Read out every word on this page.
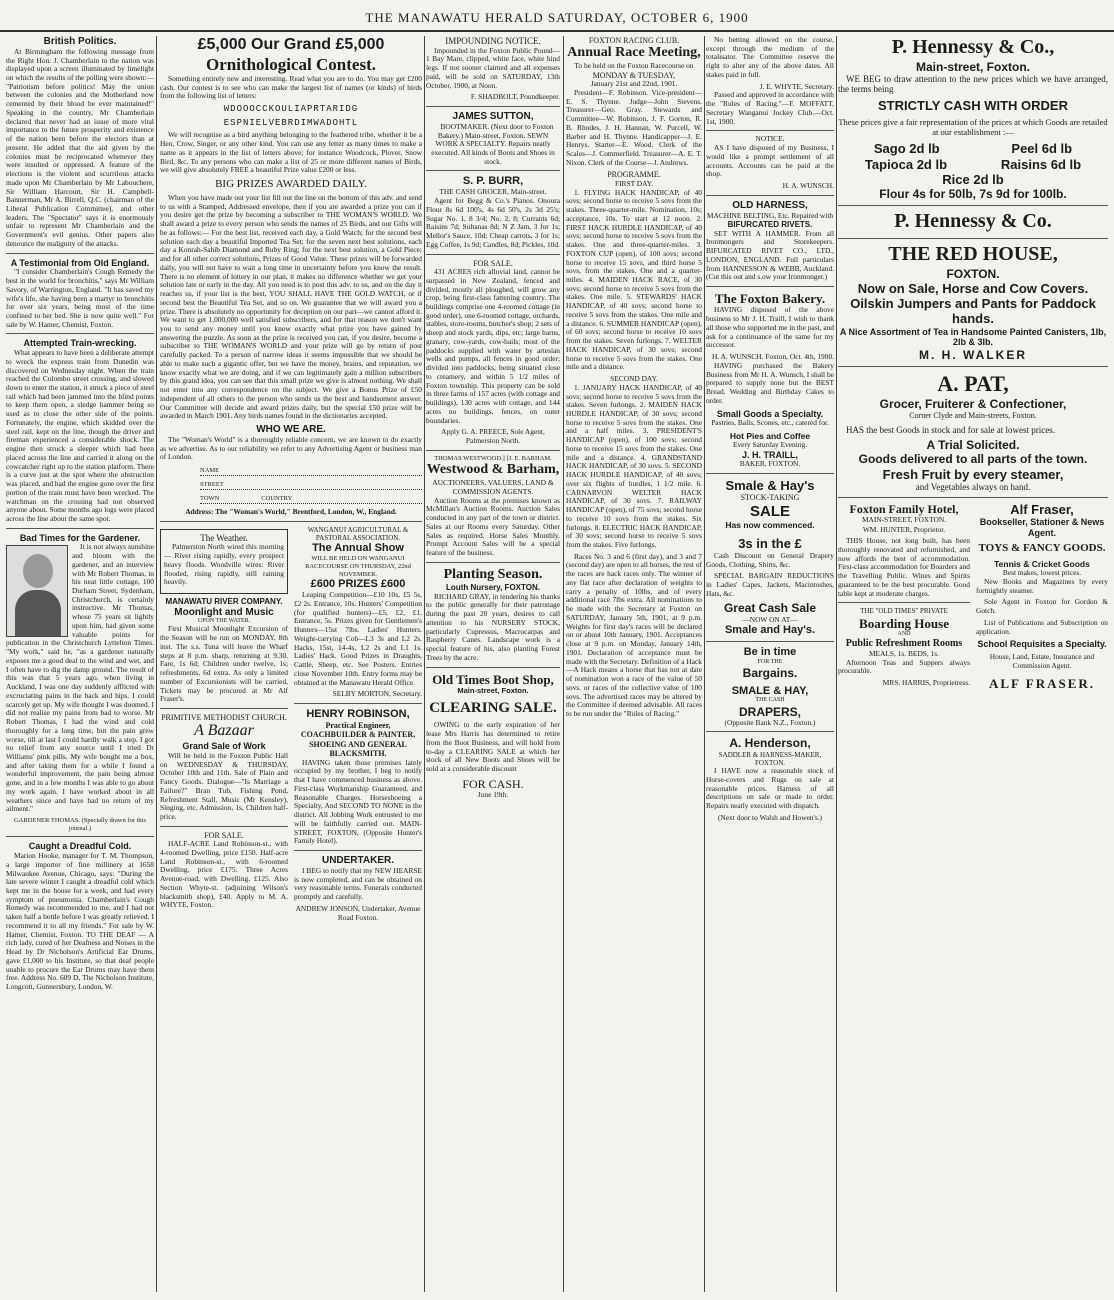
THE MANAWATU HERALD SATURDAY, OCTOBER 6, 1900
British Politics.

At Birmingham the following message from the Right Hon. J. Chamberlain to the nation was displayed upon a screen illuminated by limelight on which the results of the polling were shown:— "Patriotism before politics! May the union between the colonies and the Motherland now cemented by their blood be ever maintained!" Speaking in the country, Mr Chamberlain declared that never had an issue of more vital importance to the future prosperity and existence of the nation been before the electors than at present. He added that the aid given by the colonies must be reciprocated whenever they were insulted or oppressed. A feature of the elections is the violent and scurrilous attacks made upon Mr Chamberlain by Mr Labouchere, Sir William Harcourt, Sir H. Campbell-Bannerman, Mr A. Birrell, Q.C. (chairman of the Liberal Publication Committee), and other leaders. The "Spectator" says it is enormously unfair to represent Mr Chamberlain and the Government's evil genius. Other papers also denounce the malignity of the attacks.

A Testimonial from Old England.

"I consider Chamberlain's Cough Remedy the best in the world for bronchitis," says Mr William Savory, of Warrington, England. "It has saved my wife's life, she having been a martyr to bronchitis for over six years, being most of the time confined to her bed. She is now quite well." For sale by W. Hamer, Chemist, Foxton.

Attempted Train-wrecking.

What appears to have been a deliberate attempt to wreck the express train from Dunedin was discovered on Wednesday night. When the train reached the Colombo street crossing, and slowed down to enter the station, it struck a piece of steel rail which had been jammed into the blind points to keep them open, a sledge hammer being so used as to close the other side of the points. Fortunately, the engine, which skidded over the steel rail, kept on the line, though the driver and fireman experienced a considerable shock. The engine then struck a sleeper which had been placed across the line and carried it along on the cowcatcher right up to the station platform. There is a curve just at the spot where the obstruction was placed, and had the engine gone over the first portion of the train must have been wrecked. The watchman on the crossing had not observed anyone about. Some months ago logs were placed across the line about the same spot.

Bad Times for the Gardener.

It is not always sunshine and bloom with the gardener, and an interview with Mr Robert Thomas, in his neat little cottage, 100 Durham Street, Sydenham, Christchurch, is certainly instructive. Mr Thomas, whose 75 years sit lightly upon him, had given some valuable points for publication in the Christchurch Lyttelton Times. "My work," said he, "as a gardener naturally exposes me a good deal to the wind and wet, and I often have to dig the damp ground. The result of this was that 5 years ago, when living in Auckland, I was one day suddenly afflicted with excruciating pains in the back and hips. I could scarcely get up. My wife thought I was doomed. I did not realise my pains from bad to worse. Mr Robert Thomas, I had the wind and cold thoroughly for a long time, but the pain grew worse, till at last I could hardly walk a step. I got no relief from any source until I tried Dr Williams' pink pills. My wife bought me a box, and after taking them for a while I found a wonderful improvement, the pain being almost gone, and in a few months I was able to go about my work again. I have worked about in all weathers since and have had no return of my ailment."

GARDENER THOMAS. (Specially drawn for this journal.)
Caught a Dreadful Cold.

Marion Hooke, manager for T. M. Thompson, a large importer of fine millinery at 1658 Milwaukee Avenue, Chicago, says: "During the late severe winter I caught a dreadful cold which kept me in the house for a week, and had every symptom of pneumonia. Chamberlain's Cough Remedy was recommended to me, and I had not taken half a bottle before I was greatly relieved. I recommend it to all my friends." For sale by W. Hamer, Chemist, Foxton. TO THE DEAF — A rich lady, cured of her Deafness and Noises in the Head by Dr Nicholson's Artificial Ear Drums, gave £1,000 to his Institute, so that deaf people unable to procure the Ear Drums may have them free. Address No. 609 D, The Nicholson Institute, Longcott, Gunnersbury, London, W.

£5,000 Our Grand £5,000
Ornithological Contest.

Something entirely new and interesting. Read what you are to do. You may get £200 cash. Our contest is to see who can make the largest list of names (or kinds) of birds from the following list of letters:

WDOOOCCKOULIAPRTARIDG
ESPNIELVEBRDIMWADOHTL

We will recognise as a bird anything belonging to the feathered tribe, whether it be a Hen, Crow, Singer, or any other kind. You can use any letter as many times to make a name as it appears in the list of letters above; for instance Woodcock, Plover, Snow Bird, &c. To any persons who can make a list of 25 or more different names of Birds, we will give absolutely FREE a beautiful Prize value £200 or less.

BIG PRIZES AWARDED DAILY.

When you have made out your list fill out the line on the bottom of this adv. and send to us with a Stamped, Addressed envelope, then if you are awarded a prize you can if you desire get the prize by becoming a subscriber to THE WOMAN'S WORLD. We shall award a prize to every person who sends the names of 25 Birds, and our Gifts will be as follows:— For the best list, received each day, a Gold Watch; for the second best solution each day a beautiful Imported Tea Set; for the seven next best solutions, each day a Konrah-Sahib Diamond and Ruby Ring; for the next best solution, a Gold Piece; and for all other correct solutions, Prizes of Good Value. These prizes will be forwarded daily, you will not have to wait a long time in uncertainty before you know the result. There is no element of lottery in our plan, it makes no difference whether we get your solution late or early in the day. All you need is to post this adv. to us, and on the day it reaches us, if your list is the best, YOU SHALL HAVE THE GOLD WATCH, or if second best the Beautiful Tea Set, and so on. We guarantee that we will award you a prize. There is absolutely no opportunity for deception on our part—we cannot afford it. We want to get 1,000,000 well satisfied subscribers, and for that reason we don't want you to send any money until you know exactly what prize you have gained by answering the puzzle. As soon as the prize is received you can, if you desire, become a subscriber to THE WOMAN'S WORLD and your prize will go by return of post carefully packed. To a person of narrow ideas it seems impossible that we should be able to make such a gigantic offer, but we have the money, brains, and reputation, we know exactly what we are doing, and if we can legitimately gain a million subscribers by this grand idea, you can see that this small prize we give is almost nothing. We shall not enter into any correspondence on the subject. We give a Bonus Prize of £50 independent of all others to the person who sends us the best and handsomest answer. Our Committee will decide and award prizes daily, but the special £50 prize will be awarded in March 1901. Any birds names found in the dictionaries accepted.

WHO WE ARE.

The "Woman's World" is a thoroughly reliable concern, we are known to do exactly as we advertise. As to our reliability we refer to any Advertising Agent or business man of London.

NAME
STREET
TOWN	COUNTRY
Address: The "Woman's World," Brentford, London, W., England.
The Weather.

Palmerston North wired this morning — River rising rapidly, every prospect heavy floods. Woodville wires: River flooded, rising rapidly, still raining heavily.

MANAWATU RIVER COMPANY.
Moonlight and Music
UPON THE WATER.

First Musical Moonlight Excursion of the Season will be run on MONDAY, 8th inst. The s.s. Tuna will leave the Wharf steps at 8 p.m. sharp, returning at 9.30. Fare, 1s 6d; Children under twelve, 1s; refreshments, 6d extra. As only a limited number of Excursionists will be carried, Tickets may be procured at Mr Alf Fraser's.

PRIMITIVE METHODIST CHURCH.
A Bazaar
Grand Sale of Work

Will be held in the Foxton Public Hall on WEDNESDAY & THURSDAY, October 10th and 11th. Sale of Plain and Fancy Goods. Dialogue—"Is Marriage a Failure?" Bran Tub, Fishing Pond, Refreshment Stall, Music (Mr Kensley), Singing, etc. Admission, 1s, Children half-price.

FOR SALE.

HALF-ACRE Land Robinson-st., with 4-roomed Dwelling, price £150. Half-acre Land Robinson-st., with 6-roomed Dwelling, price £175. Three Acres Avenue-road, with Dwelling, £125. Also Section Whyte-st. (adjoining Wilson's blacksmith shop), £40. Apply to M. A. WHYTE, Foxton.

WANGANUI AGRICULTURAL & PASTORAL ASSOCIATION.
The Annual Show
WILL BE HELD ON WANGANUI RACECOURSE ON THURSDAY, 22nd NOVEMBER.
£600 PRIZES £600

Leaping Competition—£10 10s, £5 5s, £2 2s. Entrance, 10s. Hunters' Competition (for qualified hunters)—£5, £2, £1. Entrance, 5s. Prizes given for Gentlemen's Hunters—15st 7lbs. Ladies' Hunters. Weight-carrying Cob—L3 3s and L2 2s. Hacks, 15st, 14-4s, L2 2s and L1 1s. Ladies' Hack. Good Prizes in Draughts, Cattle, Sheep, etc. See Posters. Entries close November 10th. Entry forms may be obtained at the Manawatu Herald Office.

SELBY MORTON, Secretary.
HENRY ROBINSON,
Practical Engineer, COACHBUILDER & PAINTER, SHOEING AND GENERAL BLACKSMITH.

HAVING taken those premises lately occupied by my brother, I beg to notify that I have commenced business as above. First-class Workmanship Guaranteed, and Reasonable Charges. Horseshoeing a Specialty, And SECOND TO NONE in the district. All Jobbing Work entrusted to me will be faithfully carried out. MAIN-STREET, FOXTON, (Opposite Hunter's Family Hotel).

UNDERTAKER.

I BEG to notify that my NEW HEARSE is now completed, and can be obtained on very reasonable terms. Funerals conducted promptly and carefully.

ANDREW JONSON, Undertaker, Avenue Road Foxton.
IMPOUNDING NOTICE.

Impounded in the Foxton Public Pound— 1 Bay Mare, clipped, white face, white hind legs. If not sooner claimed and all expenses paid, will be sold on SATURDAY, 13th October, 1900, at Noon.

F. SHADBOLT, Poundkeeper.
JAMES SUTTON,

BOOTMAKER. (Next door to Foxton Bakery.) Main-street, Foxton. SEWN WORK A SPECIALTY. Repairs neatly executed. All kinds of Boots and Shoes in stock.

S. P. BURR,
THE CASH GROCER, Main-street.

Agent for Begg & Co.'s Pianos. Onoura Flour 8s 6d 100's, 4s 6d 50's, 2s 3d 25's; Sugar No. 1, 8 3/4; No. 2, 8; Currants 6d; Raisins 7d; Sultanas 8d; N Z Jam, 3 for 1s; Mellor's Sauce, 10d; Cheap carrots, 3 for 1s; Egg Coffee, 1s 9d; Candles, 8d; Pickles, 10d.

FOR SALE.

431 ACRES rich alluvial land, cannot be surpassed in New Zealand, fenced and divided, mostly all ploughed, will grow any crop, being first-class fattening country. The buildings comprise one 4-roomed cottage (in good order), one 6-roomed cottage, orchards, stables, store-rooms, butcher's shop; 2 sets of sheep and stock yards, dips, etc; large barns, granary, cow-yards, cow-bails; most of the paddocks supplied with water by artesian wells and pumps, all fences in good order; divided into paddocks, being situated close to creamery, and within 5 1/2 miles of Foxton township. This property can be sold in three farms of 157 acres (with cottage and buildings), 130 acres with cottage, and 144 acres no buildings, fences, on outer boundaries.

Apply G. A. PREECE, Sole Agent, Palmerston North.
THOMAS WESTWOOD.] [J. E. BARHAM.
Westwood & Barham,
AUCTIONEERS, VALUERS, LAND & COMMISSION AGENTS.

Auction Rooms at the premises known as McMillan's Auction Rooms. Auction Sales conducted in any part of the town or district. Sales at our Rooms every Saturday. Other Sales as required. Horse Sales Monthly. Prompt Account Sales will be a special feature of the business.

Planting Season.
Louth Nursery, FOXTON.

RICHARD GRAY, in tendering his thanks to the public generally for their patronage during the past 20 years, desires to call attention to his NURSERY STOCK, particularly Cupressus, Macrocarpas and Raspberry Canes. Landscape work is a special feature of his, also planting Forest Trees by the acre.

Old Times Boot Shop,
Main-street, Foxton.
CLEARING SALE.

OWING to the early expiration of her lease Mrs Harris has determined to retire from the Boot Business, and will hold from to-day a CLEARING SALE at which her stock of all New Boots and Shoes will be sold at a considerable discount

FOR CASH.
June 19th.
FOXTON RACING CLUB.
Annual Race Meeting,
To be held on the Foxton Racecourse on
MONDAY & TUESDAY,
January 21st and 22nd, 1901.

President—F. Robinson. Vice-president—E. S. Thynne. Judge—John Stevens. Treasurer—Geo. Gray. Stewards and Committee—W. Robinson, J. F. Gorton, R. B. Rhodes, J. H. Hannan, W. Purcell, W. Barber and H. Thynne. Handicapper—J. E. Henrys. Starter—E. Wood. Clerk of the Scales—J. Commerfield. Treasurer—A. E. T. Nixon. Clerk of the Course—J. Andrews.

PROGRAMME.
FIRST DAY.

1. FLYING HACK HANDICAP, of 40 sovs; second horse to receive 5 sovs from the stakes. Three-quarter-mile. Nomination, 10s; acceptance, 10s. To start at 12 noon. 2. FIRST HACK HURDLE HANDICAP, of 40 sovs; second horse to receive 5 sovs from the stakes. One and three-quarter-miles. 3. FOXTON CUP (open), of 100 sovs; second horse to receive 15 sovs, and third horse 5 sovs, from the stakes. One and a quarter-miles. 4. MAIDEN HACK RACE, of 30 sovs; second horse to receive 5 sovs from the stakes. One mile. 5. STEWARDS' HACK HANDICAP, of 40 sovs; second horse to receive 5 sovs from the stakes. One mile and a distance. 6. SUMMER HANDICAP (open), of 60 sovs; second horse to receive 10 sovs from the stakes. Seven furlongs. 7. WELTER HACK HANDICAP, of 30 sovs; second horse to receive 5 sovs from the stakes. One mile and a distance.

SECOND DAY.

1. JANUARY HACK HANDICAP, of 40 sovs; second horse to receive 5 sovs from the stakes. Seven furlongs. 2. MAIDEN HACK HURDLE HANDICAP, of 30 sovs; second horse to receive 5 sovs from the stakes. One and a half miles. 3. PRESIDENT'S HANDICAP (open), of 100 sovs; second horse to receive 15 sovs from the stakes. One mile and a distance. 4. GRANDSTAND HACK HANDICAP, of 30 sovs. 5. SECOND HACK HURDLE HANDICAP, of 40 sovs; over six flights of hurdles, 1 1/2 mile. 6. CARNARVON WELTER HACK HANDICAP, of 30 sovs. 7. RAILWAY HANDICAP (open), of 75 sovs; second horse to receive 10 sovs from the stakes. Six furlongs. 8. ELECTRIC HACK HANDICAP, of 30 sovs; second horse to receive 5 sovs from the stakes. Five furlongs.

Races No. 3 and 6 (first day), and 3 and 7 (second day) are open to all horses, the rest of the races are hack races only. The winner of any flat race after declaration of weights to carry a penalty of 10lbs, and of every additional race 7lbs extra. All nominations to be made with the Secretary at Foxton on SATURDAY, January 5th, 1901, at 9 p.m. Weights for first day's races will be declared on or about 10th January, 1901. Acceptances close at 9 p.m. on Monday, January 14th, 1901. Declaration of acceptance must be made with the Secretary. Definition of a Hack—A Hack means a horse that has not at date of nomination won a race of the value of 50 sovs. or races of the collective value of 100 sovs. The advertised races may be altered by the Committee if deemed advisable. All races to be run under the "Rules of Racing."

No betting allowed on the course, except through the medium of the totalisator. The Committee reserve the right to alter any of the above dates. All stakes paid in full.

J. E. WHYTE, Secretary.

Passed and approved in accordance with the "Rules of Racing."—F. MOFFATT, Secretary Wanganui Jockey Club.—Oct. 1st, 1900.

NOTICE.

AS I have disposed of my Business, I would like a prompt settlement of all accounts. Accounts can be paid at the shop.

H. A. WUNSCH.
OLD HARNESS,
MACHINE BELTING, Etc. Repaired with
BIFURCATED RIVETS.

SET WITH A HAMMER. From all Ironmongers and Storekeepers. BIFURCATED RIVET CO., LTD., LONDON, ENGLAND. Full particulars from HANNESSON & WEBB, Auckland. (Cut this out and s.ow your Ironmonger.)

The Foxton Bakery.

HAVING disposed of the above business to Mr J. H. Traill, I wish to thank all those who supported me in the past, and ask for a continuance of the same for my successor.

H. A. WUNSCH. Foxton, Oct. 4th, 1900.

HAVING purchased the Bakery Business from Mr H. A. Wunsch, I shall be prepared to supply none but the BEST Bread. Wedding and Birthday Cakes to order.

Small Goods a Specialty.
Pastries, Balls, Scones, etc., catered for.
Hot Pies and Coffee
Every Saturday Evening.
J. H. TRAILL,
BAKER, FOXTON.
Smale & Hay's
STOCK-TAKING
SALE
Has now commenced.
3s in the £

Cash Discount on General Drapery Goods, Clothing, Shirts, &c.

SPECIAL BARGAIN REDUCTIONS in Ladies' Capes, Jackets, Macintoshes, Hats, &c.

Great Cash Sale
—NOW ON AT—
Smale and Hay's.
Be in time
FOR THE
Bargains.
SMALE & HAY,
THE CASH
DRAPERS,
(Opposite Bank N.Z., Foxton.)
A. Henderson,
SADDLER & HARNESS-MAKER, FOXTON.

I HAVE now a reasonable stock of Horse-covers and Rugs on sale at reasonable prices. Harness of all descriptions on sale or made to order. Repairs neatly executed with dispatch.

(Next door to Walsh and Howen's.)
P. Hennessy & Co.,
Main-street, Foxton.

WE BEG to draw attention to the new prices which we have arranged, the terms being

STRICTLY CASH WITH ORDER
These prices give a fair representation of the prices at which Goods are retailed at our establishment :—
Sago 2d lb	Peel 6d lb
Tapioca 2d lb	Raisins 6d lb
Rice 2d lb
Flour 4s for 50lb, 7s 9d for 100lb.
P. Hennessy & Co.
THE RED HOUSE,
FOXTON.
Now on Sale, Horse and Cow Covers.
Oilskin Jumpers and Pants for Paddock hands.
A Nice Assortment of Tea in Handsome Painted Canisters, 1lb, 2lb & 3lb.
M. H. WALKER
A. PAT,
Grocer, Fruiterer & Confectioner,
Corner Clyde and Main-streets, Foxton.

HAS the best Goods in stock and for sale at lowest prices.

A Trial Solicited.
Goods delivered to all parts of the town.
Fresh Fruit by every steamer,
and Vegetables always on hand.
Foxton Family Hotel,
MAIN-STREET, FOXTON.
WM. HUNTER, Proprietor.

THIS House, not long built, has been thoroughly renovated and refurnished, and now affords the best of accommodation. First-class accommodation for Boarders and the Travelling Public. Wines and Spirits guaranteed to be the best procurable. Good table kept at moderate charges.

THE "OLD TIMES" PRIVATE
Boarding House
AND
Public Refreshment Rooms
MEALS, 1s. BEDS, 1s.

Afternoon Teas and Suppers always procurable.

MRS. HARRIS, Proprietress.
Alf Fraser,
Bookseller, Stationer & News Agent.
TOYS & FANCY GOODS.
Tennis & Cricket Goods
Best makes, lowest prices.

New Books and Magazines by every fortnightly steamer.

Sole Agent in Foxton for Gordon & Gotch.

List of Publications and Subscription on application.

School Requisites a Specialty.
House, Land, Estate, Insurance and Commission Agent.
ALF FRASER.
